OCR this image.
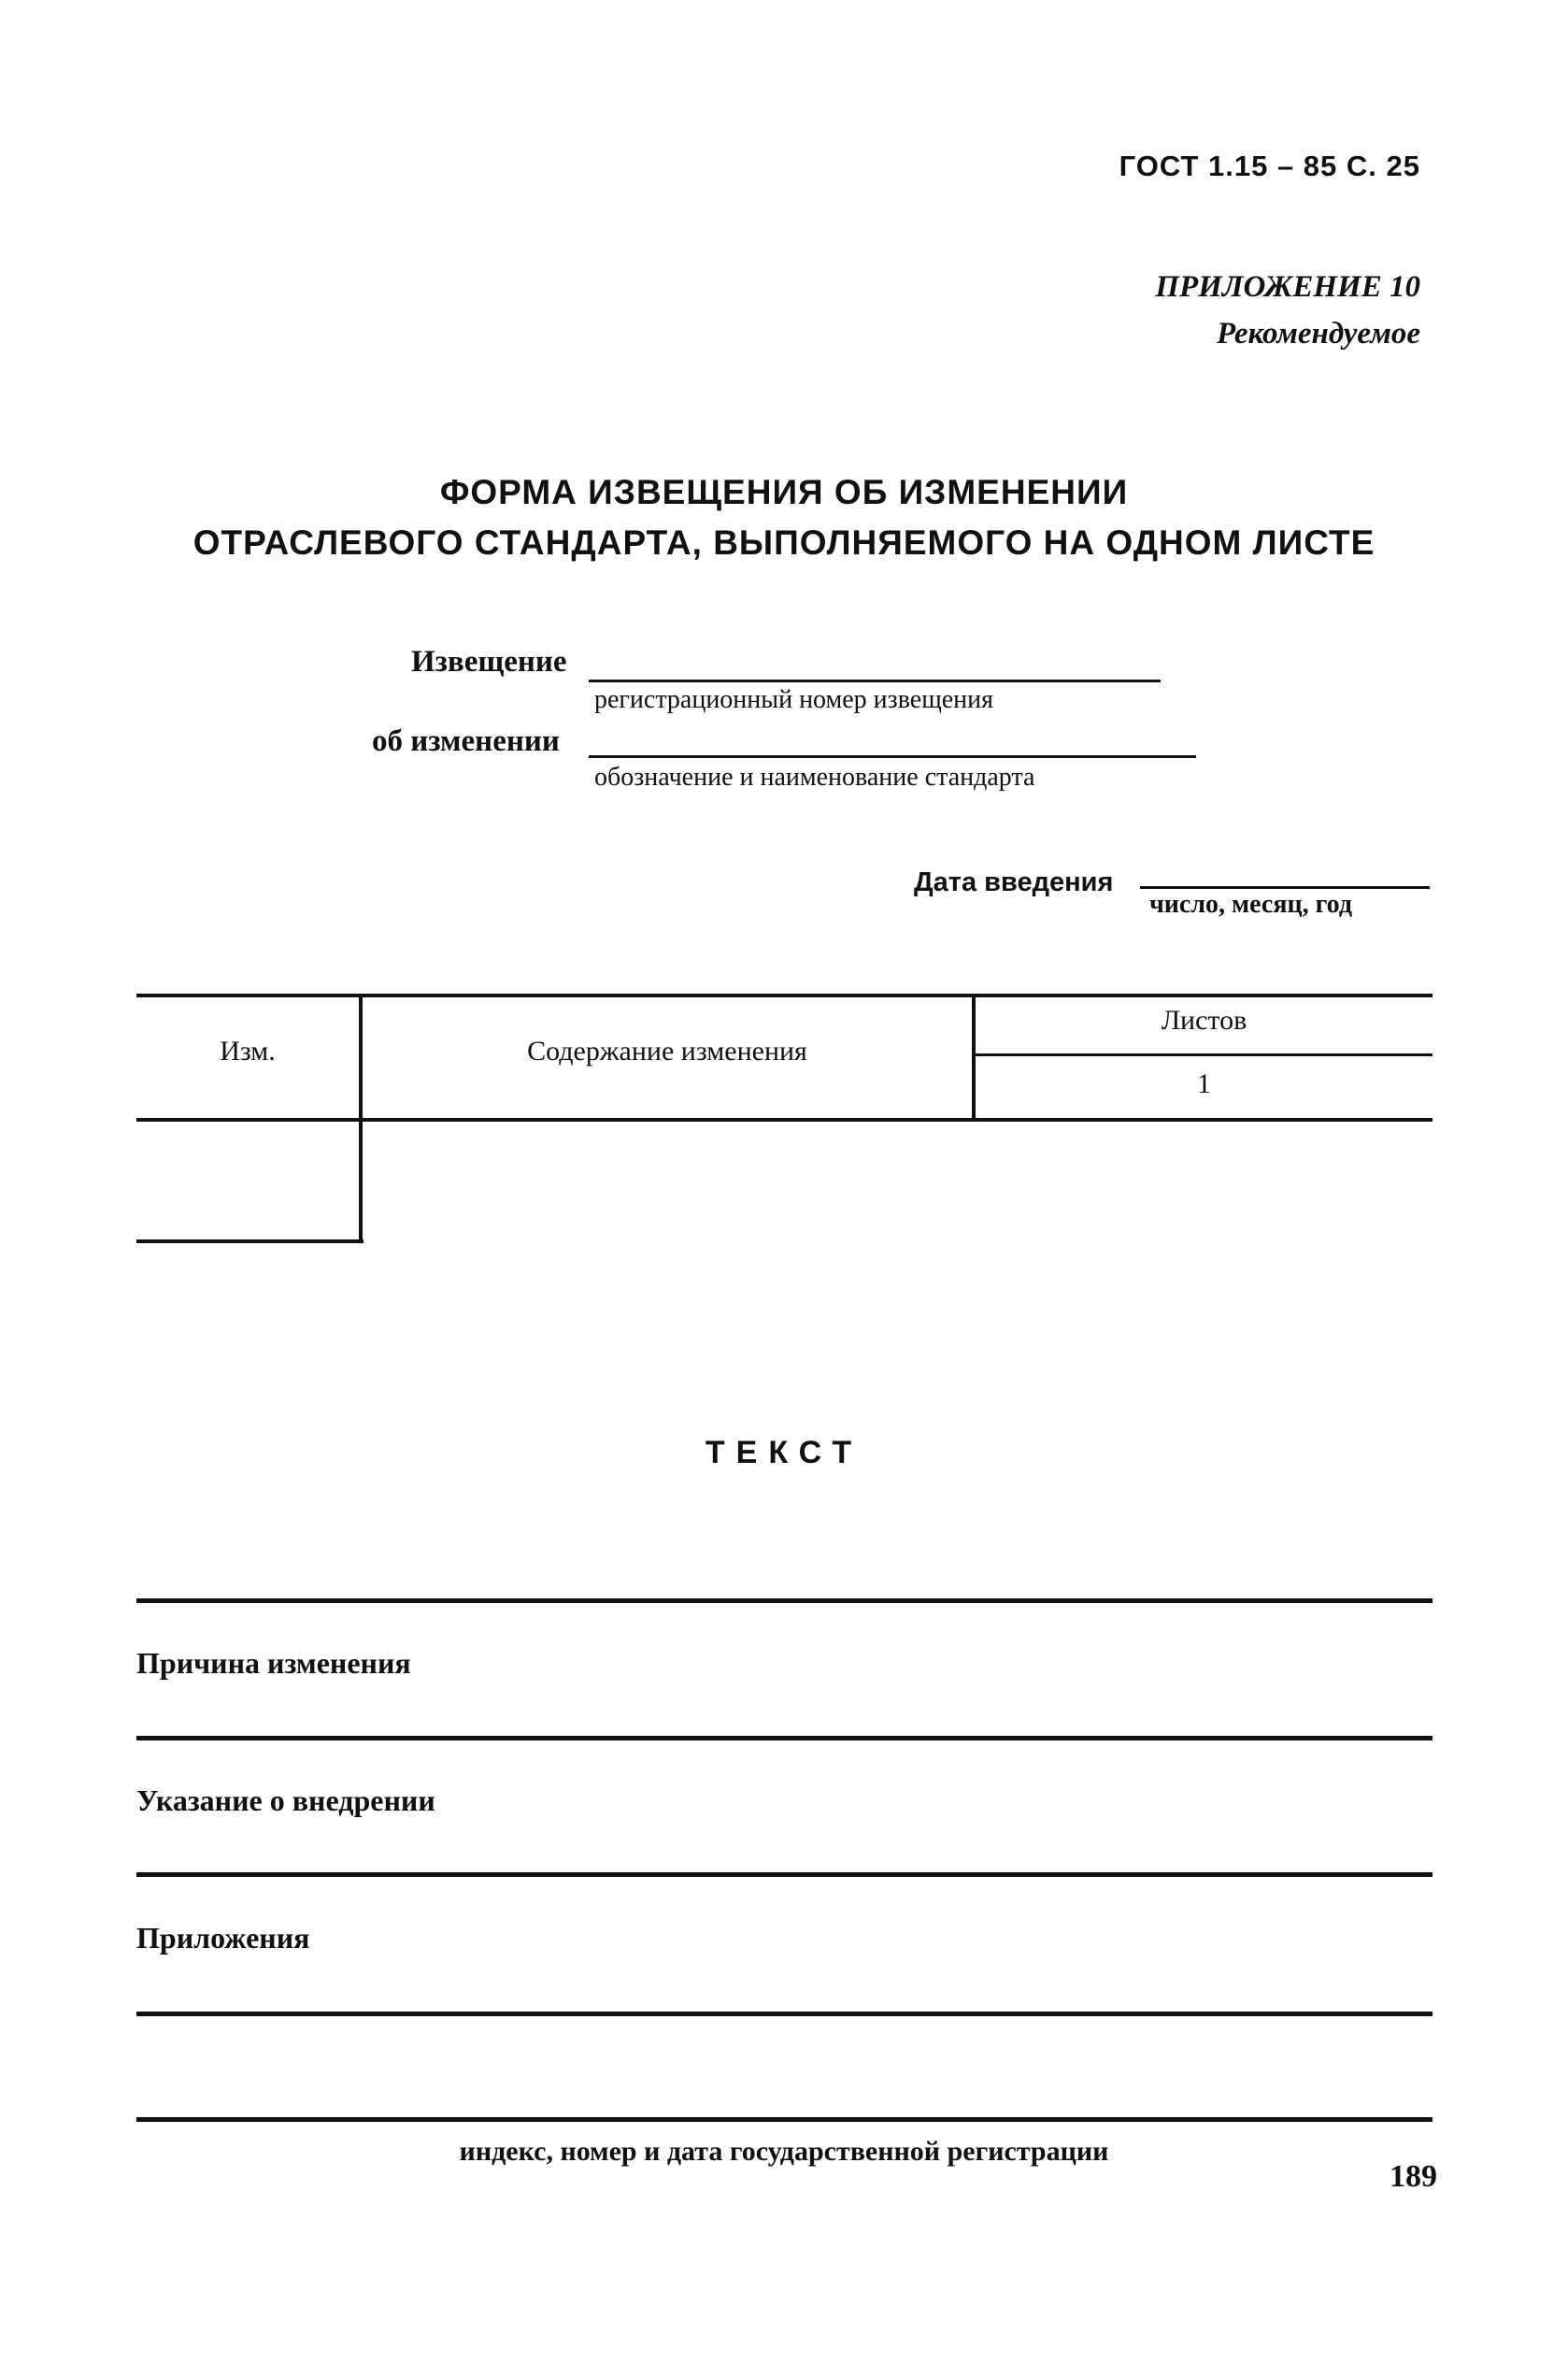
ГОСТ 1.15 – 85 С. 25
ПРИЛОЖЕНИЕ 10
Рекомендуемое
ФОРМА ИЗВЕЩЕНИЯ ОБ ИЗМЕНЕНИИ
ОТРАСЛЕВОГО СТАНДАРТА, ВЫПОЛНЯЕМОГО НА ОДНОМ ЛИСТЕ
Извещение
регистрационный номер извещения
об изменении
обозначение и наименование стандарта
Дата введения
число, месяц, год
Изм.	Содержание изменения
Листов
1
ТЕКСТ
Причина изменения
Указание о внедрении
Приложения
индекс, номер и дата государственной регистрации
189
